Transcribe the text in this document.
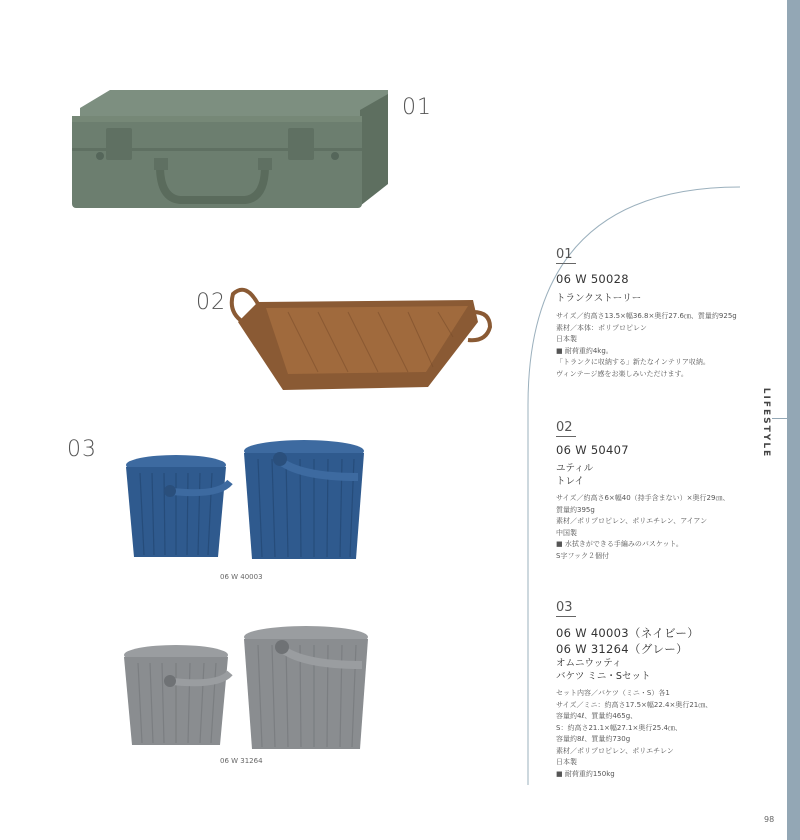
LIFESTYLE
01
02
03
06 W 40003
06 W 31264
01
06 W 50028
トランクストーリー
サイズ／約高さ13.5×幅36.8×奥行27.6㎝、質量約925g
素材／本体：ポリプロピレン
日本製
■ 耐荷重約4kg。
「トランクに収納する」新たなインテリア収納。
ヴィンテージ感をお楽しみいただけます。
02
06 W 50407
ユティル
トレイ
サイズ／約高さ6×幅40（持手含まない）×奥行29㎝、
質量約395g
素材／ポリプロピレン、ポリエチレン、アイアン
中国製
■ 水拭きができる手編みのバスケット。
S字フック２個付
03
06 W 40003（ネイビー）
06 W 31264（グレー）
オムニウッティ
バケツ ミニ・Sセット
セット内容／バケツ（ミニ・S）各1
サイズ／ミニ：約高さ17.5×幅22.4×奥行21㎝、
容量約4ℓ、質量約465g、
S：約高さ21.1×幅27.1×奥行25.4㎝、
容量約8ℓ、質量約730g
素材／ポリプロピレン、ポリエチレン
日本製
■ 耐荷重約150kg
98
